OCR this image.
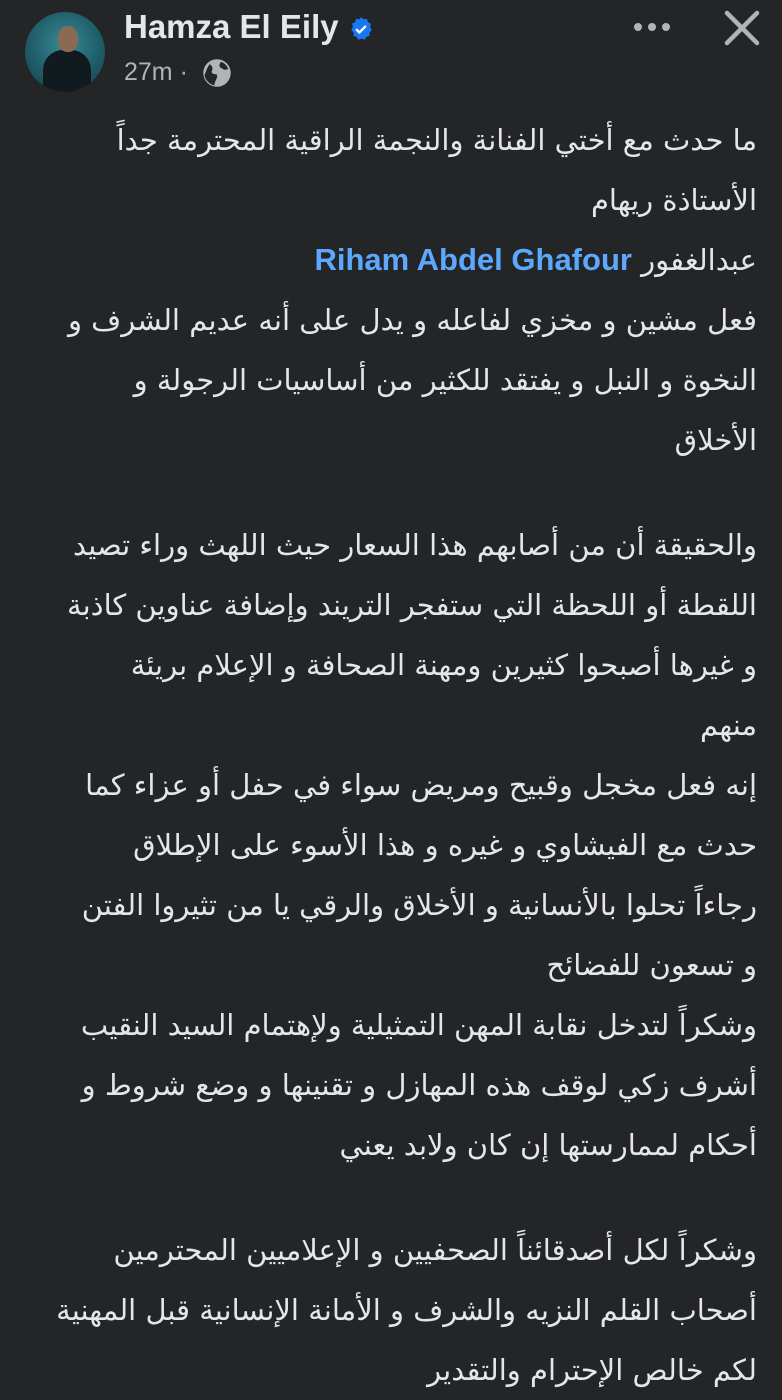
Hamza El Eily
27m ·
ما حدث مع أختي الفنانة والنجمة الراقية المحترمة جداً
الأستاذة ريهام
عبدالغفور Riham Abdel Ghafour
فعل مشين و مخزي لفاعله و يدل على أنه عديم الشرف و
النخوة و النبل و يفتقد للكثير من أساسيات الرجولة و
الأخلاق
والحقيقة أن من أصابهم هذا السعار حيث اللهث وراء تصيد
اللقطة أو اللحظة التي ستفجر التريند وإضافة عناوين كاذبة
و غيرها أصبحوا كثيرين ومهنة الصحافة و الإعلام بريئة
منهم
إنه فعل مخجل وقبيح ومريض سواء في حفل أو عزاء كما
حدث مع الفيشاوي و غيره و هذا الأسوء على الإطلاق
رجاءاً تحلوا بالأنسانية و الأخلاق والرقي يا من تثيروا الفتن
و تسعون للفضائح
وشكراً لتدخل نقابة المهن التمثيلية ولإهتمام السيد النقيب
أشرف زكي لوقف هذه المهازل و تقنينها و وضع شروط و
أحكام لممارستها إن كان ولابد يعني
وشكراً لكل أصدقائناً الصحفيين و الإعلاميين المحترمين
أصحاب القلم النزيه والشرف و الأمانة الإنسانية قبل المهنية
لكم خالص الإحترام والتقدير
